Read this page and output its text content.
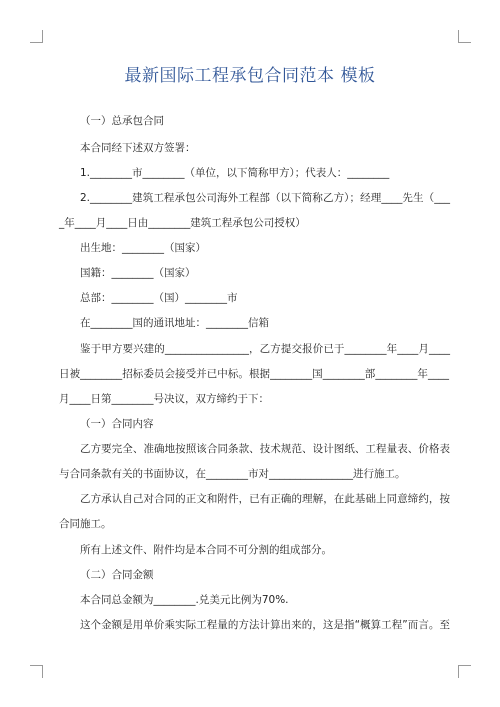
最新国际工程承包合同范本 模板
（一）总承包合同
本合同经下述双方签署：
1.________市________（单位，以下简称甲方）；代表人：________
2.________建筑工程承包公司海外工程部（以下简称乙方）；经理____先生（___
_年____月____日由________建筑工程承包公司授权）
出生地：________（国家）
国籍：________（国家）
总部：________（国）________市
在________国的通讯地址：________信箱
鉴于甲方要兴建的________________，乙方提交报价已于________年____月____
日被________招标委员会接受并已中标。根据________国________部________年____
月____日第________号决议，双方缔约于下：
（一）合同内容
乙方要完全、准确地按照该合同条款、技术规范、设计图纸、工程量表、价格表
与合同条款有关的书面协议，在________市对________________进行施工。
乙方承认自己对合同的正文和附件，已有正确的理解，在此基础上同意缔约，按
合同施工。
所有上述文件、附件均是本合同不可分割的组成部分。
（二）合同金额
本合同总金额为________.兑美元比例为70%.
这个金额是用单价乘实际工程量的方法计算出来的，这是指“概算工程”而言。至
